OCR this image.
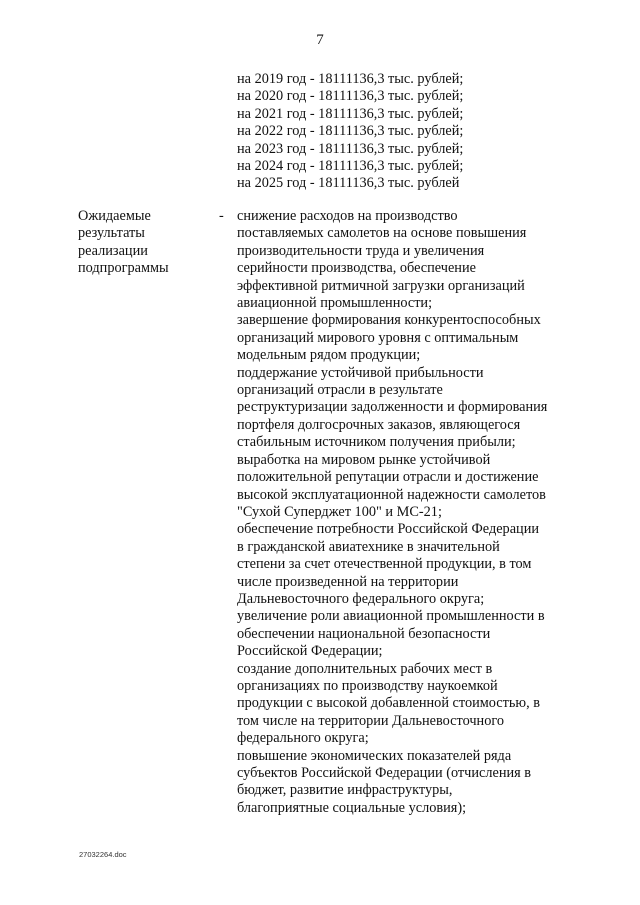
7
на 2019 год - 18111136,3 тыс. рублей;
на 2020 год - 18111136,3 тыс. рублей;
на 2021 год - 18111136,3 тыс. рублей;
на 2022 год - 18111136,3 тыс. рублей;
на 2023 год - 18111136,3 тыс. рублей;
на 2024 год - 18111136,3 тыс. рублей;
на 2025 год - 18111136,3 тыс. рублей
Ожидаемые
результаты
реализации
подпрограммы
- снижение расходов на производство
поставляемых самолетов на основе повышения
производительности труда и увеличения
серийности производства, обеспечение
эффективной ритмичной загрузки организаций
авиационной промышленности;
завершение формирования конкурентоспособных
организаций мирового уровня с оптимальным
модельным рядом продукции;
поддержание устойчивой прибыльности
организаций отрасли в результате
реструктуризации задолженности и формирования
портфеля долгосрочных заказов, являющегося
стабильным источником получения прибыли;
выработка на мировом рынке устойчивой
положительной репутации отрасли и достижение
высокой эксплуатационной надежности самолетов
"Сухой Суперджет 100" и МС-21;
обеспечение потребности Российской Федерации
в гражданской авиатехнике в значительной
степени за счет отечественной продукции, в том
числе произведенной на территории
Дальневосточного федерального округа;
увеличение роли авиационной промышленности в
обеспечении национальной безопасности
Российской Федерации;
создание дополнительных рабочих мест в
организациях по производству наукоемкой
продукции с высокой добавленной стоимостью, в
том числе на территории Дальневосточного
федерального округа;
повышение экономических показателей ряда
субъектов Российской Федерации (отчисления в
бюджет, развитие инфраструктуры,
благоприятные социальные условия);
27032264.doc
